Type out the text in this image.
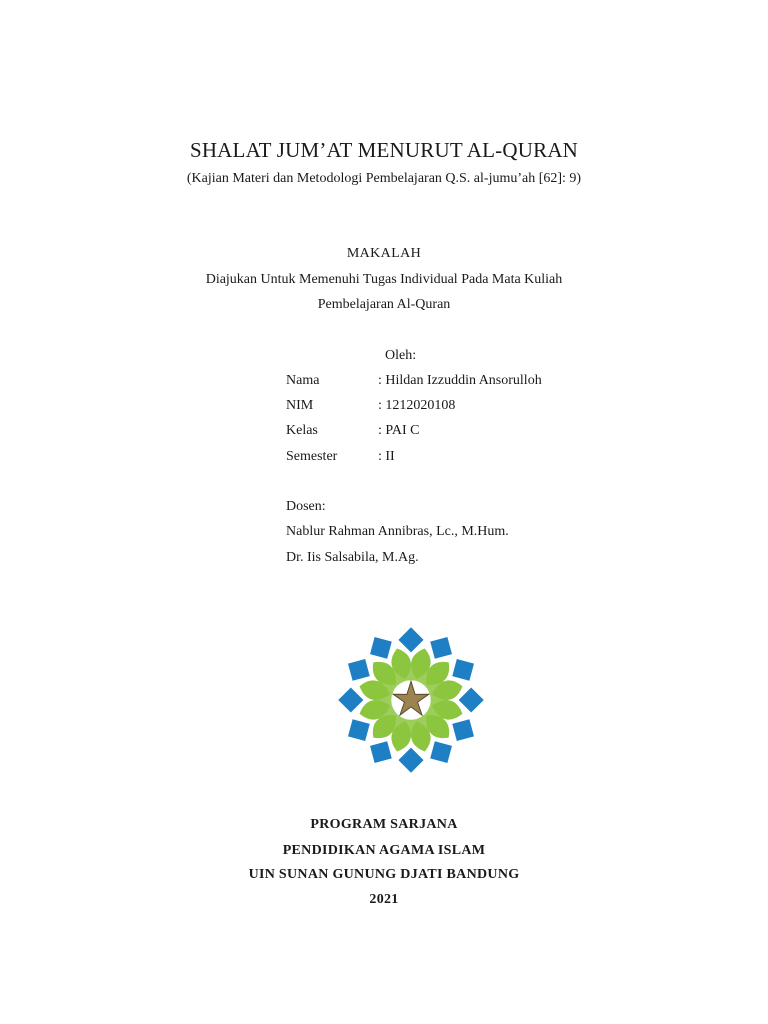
SHALAT JUM’AT MENURUT AL-QURAN
(Kajian Materi dan Metodologi Pembelajaran Q.S. al-jumu’ah [62]: 9)
MAKALAH
Diajukan Untuk Memenuhi Tugas Individual Pada Mata Kuliah
Pembelajaran Al-Quran
Oleh:
Nama	: Hildan Izzuddin Ansorulloh
NIM	: 1212020108
Kelas	: PAI C
Semester	: II
Dosen:
Nablur Rahman Annibras, Lc., M.Hum.
Dr. Iis Salsabila, M.Ag.
PROGRAM SARJANA
PENDIDIKAN AGAMA ISLAM
UIN SUNAN GUNUNG DJATI BANDUNG
2021
